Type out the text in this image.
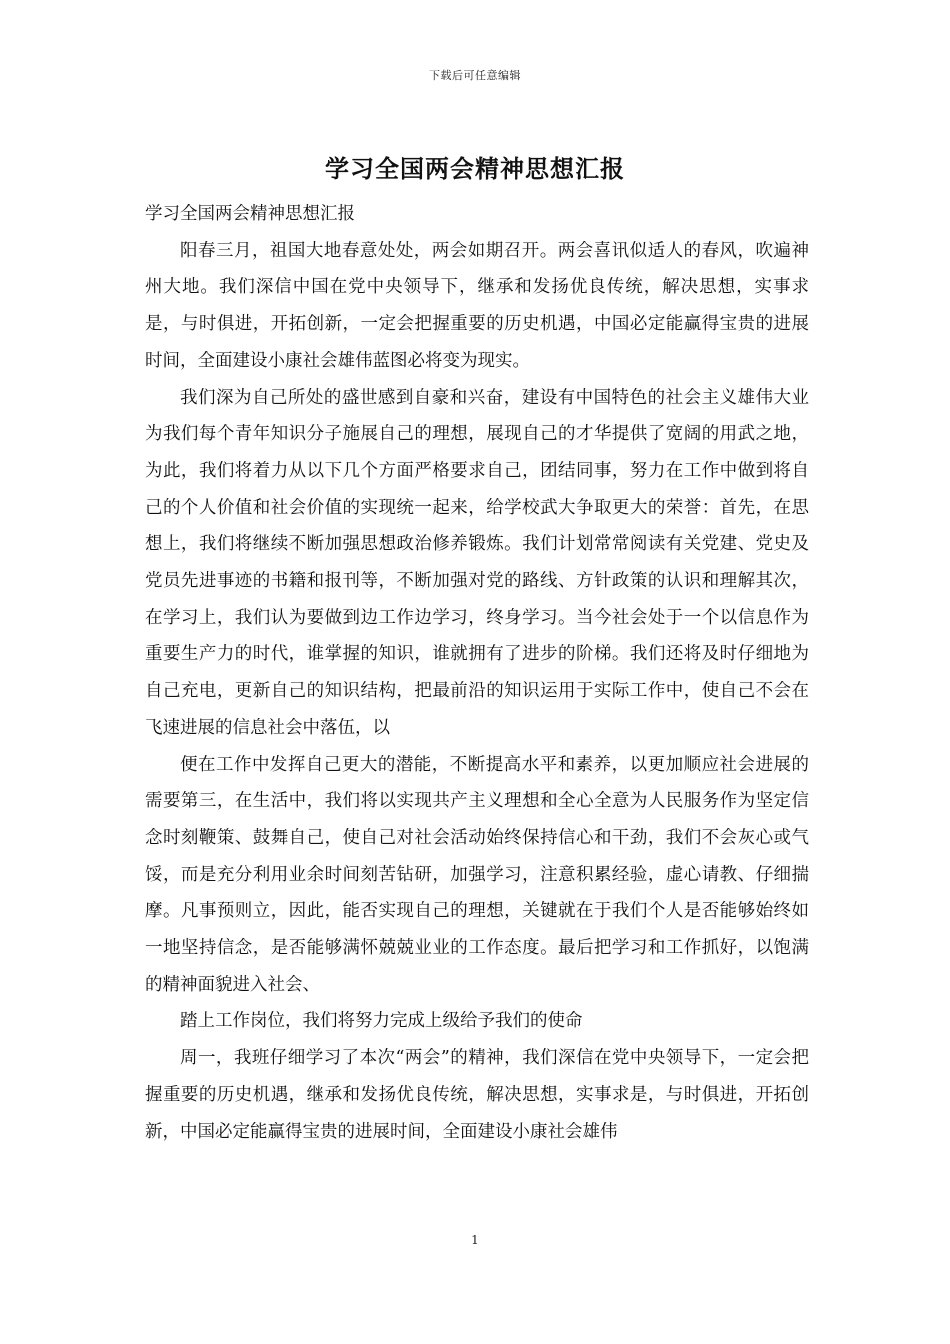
下载后可任意编辑
学习全国两会精神思想汇报

学习全国两会精神思想汇报

阳春三月，祖国大地春意处处，两会如期召开。两会喜讯似适人的春风，吹遍神州大地。我们深信中国在党中央领导下，继承和发扬优良传统，解决思想，实事求是，与时俱进，开拓创新，一定会把握重要的历史机遇，中国必定能赢得宝贵的进展时间，全面建设小康社会雄伟蓝图必将变为现实。

我们深为自己所处的盛世感到自豪和兴奋，建设有中国特色的社会主义雄伟大业为我们每个青年知识分子施展自己的理想，展现自己的才华提供了宽阔的用武之地，为此，我们将着力从以下几个方面严格要求自己，团结同事，努力在工作中做到将自己的个人价值和社会价值的实现统一起来，给学校武大争取更大的荣誉：首先，在思想上，我们将继续不断加强思想政治修养锻炼。我们计划常常阅读有关党建、党史及党员先进事迹的书籍和报刊等，不断加强对党的路线、方针政策的认识和理解其次，在学习上，我们认为要做到边工作边学习，终身学习。当今社会处于一个以信息作为重要生产力的时代，谁掌握的知识，谁就拥有了进步的阶梯。我们还将及时仔细地为自己充电，更新自己的知识结构，把最前沿的知识运用于实际工作中，使自己不会在飞速进展的信息社会中落伍，以

便在工作中发挥自己更大的潜能，不断提高水平和素养，以更加顺应社会进展的需要第三，在生活中，我们将以实现共产主义理想和全心全意为人民服务作为坚定信念时刻鞭策、鼓舞自己，使自己对社会活动始终保持信心和干劲，我们不会灰心或气馁，而是充分利用业余时间刻苦钻研，加强学习，注意积累经验，虚心请教、仔细揣摩。凡事预则立，因此，能否实现自己的理想，关键就在于我们个人是否能够始终如一地坚持信念，是否能够满怀兢兢业业的工作态度。最后把学习和工作抓好，以饱满的精神面貌进入社会、

踏上工作岗位，我们将努力完成上级给予我们的使命

周一，我班仔细学习了本次“两会”的精神，我们深信在党中央领导下，一定会把握重要的历史机遇，继承和发扬优良传统，解决思想，实事求是，与时俱进，开拓创新，中国必定能赢得宝贵的进展时间，全面建设小康社会雄伟

1
